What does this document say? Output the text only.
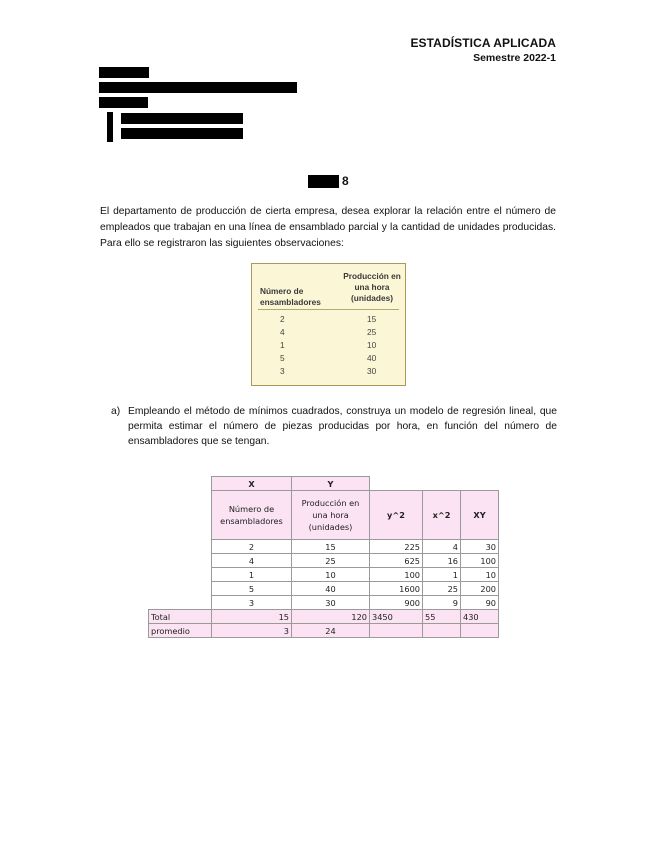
ESTADÍSTICA APLICADA
Semestre 2022-1
8
El departamento de producción de cierta empresa, desea explorar la relación entre el número de empleados que trabajan en una línea de ensamblado parcial y la cantidad de unidades producidas. Para ello se registraron las siguientes observaciones:
Número de ensambladores
Producción en una hora (unidades)
2	15
4	25
1	10
5	40
3	30
a) Empleando el método de mínimos cuadrados, construya un modelo de regresión lineal, que permita estimar el número de piezas producidas por hora, en función del número de ensambladores que se tengan.
	X	Y			
	Número de ensambladores	Producción en una hora (unidades)	y^2	x^2	XY
	2	15	225	4	30
	4	25	625	16	100
	1	10	100	1	10
	5	40	1600	25	200
	3	30	900	9	90
Total	15	120	3450	55	430
promedio	3	24			
